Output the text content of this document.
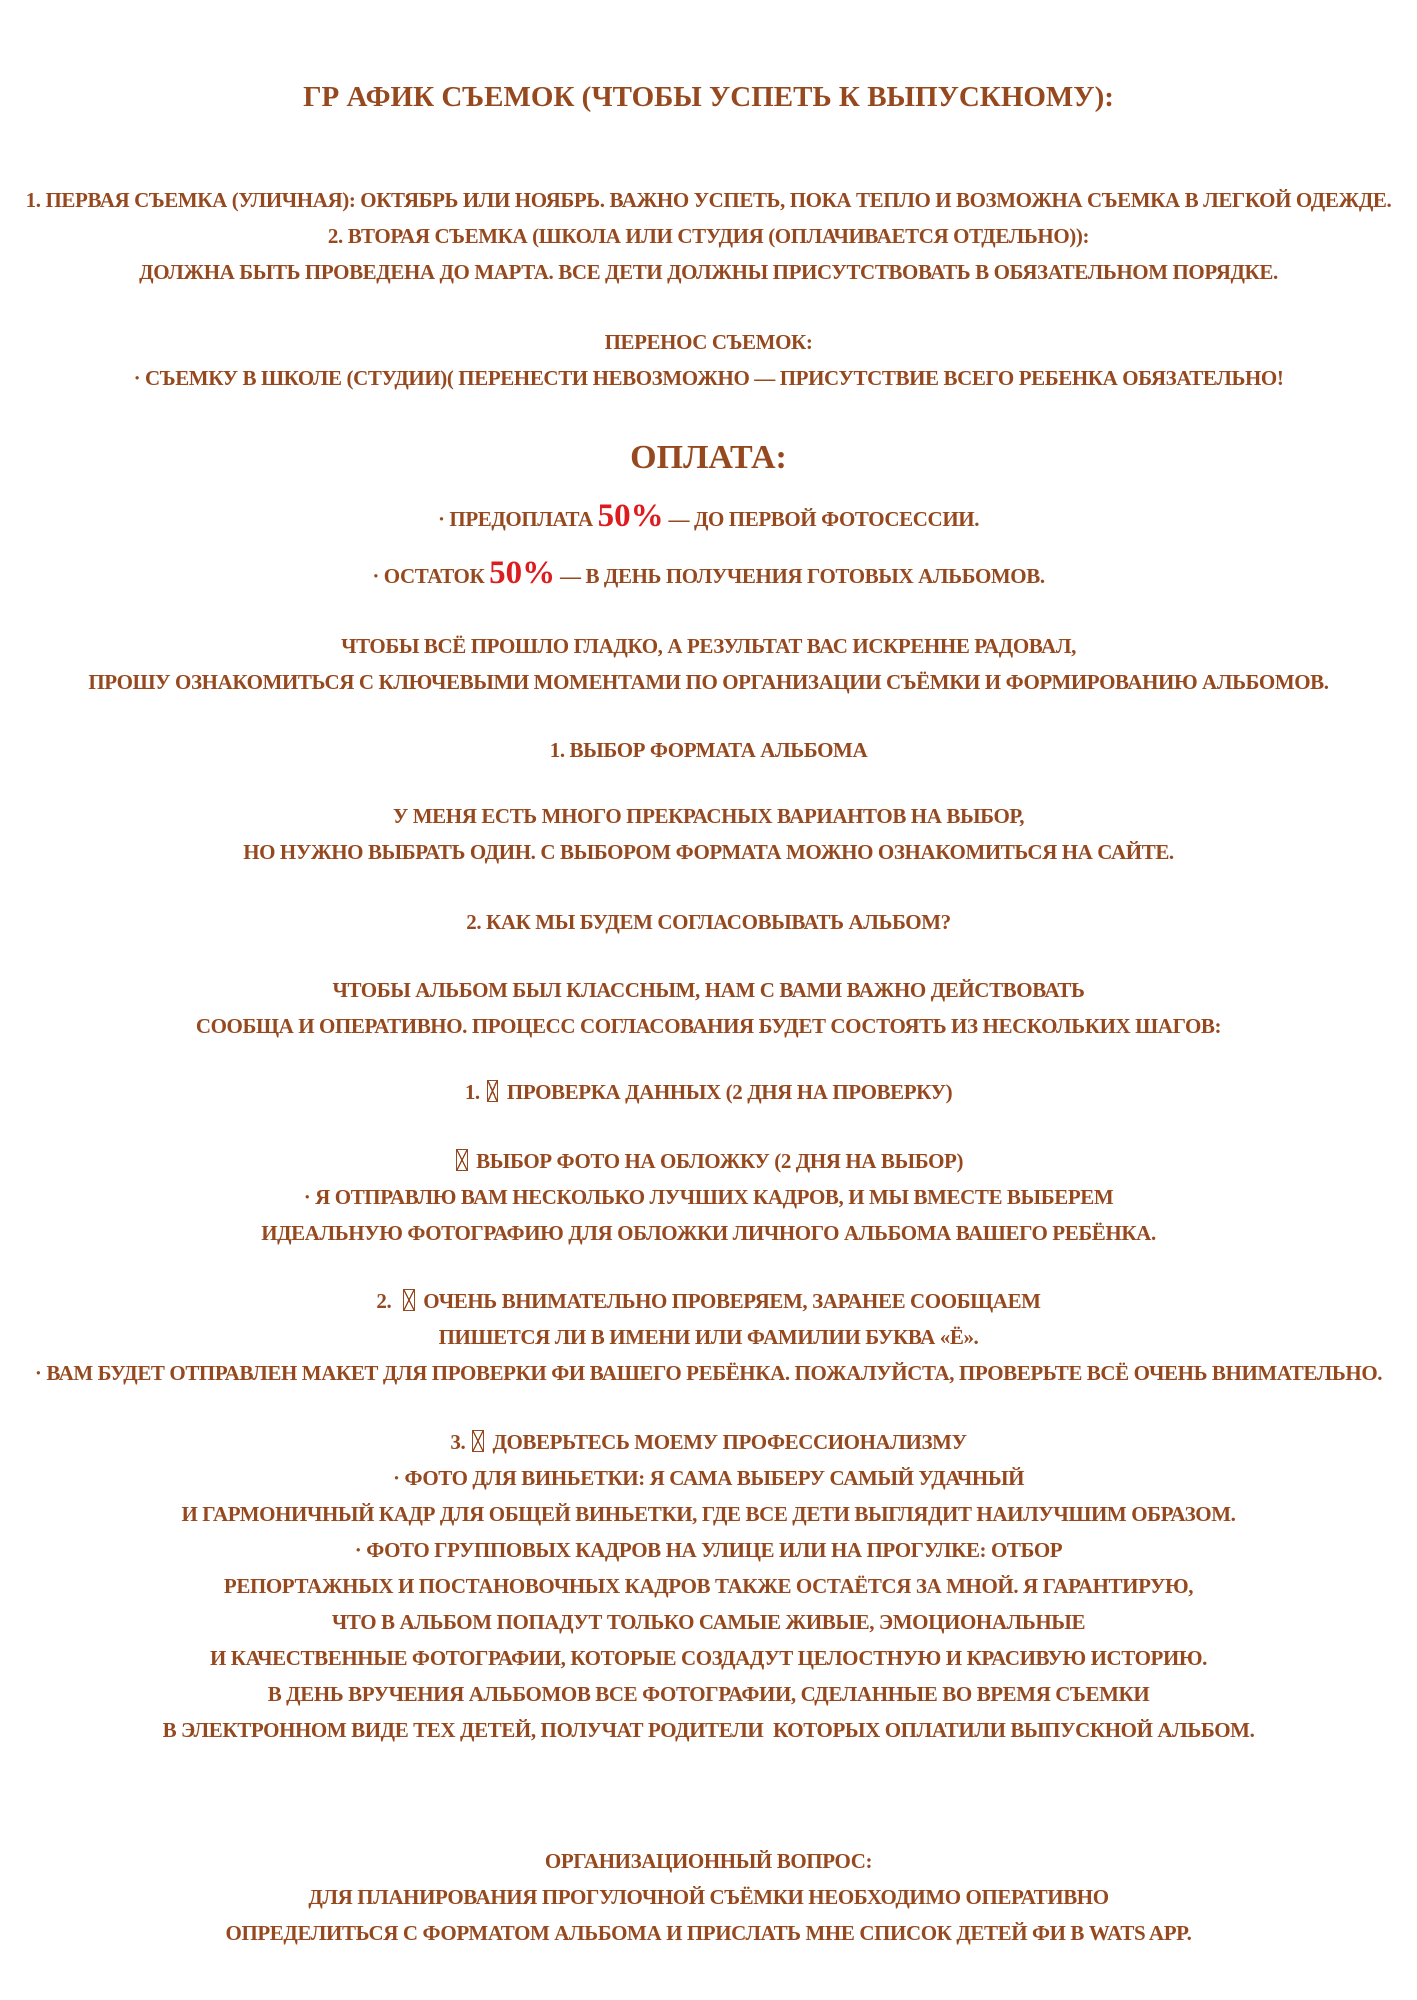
ГР АФИК СЪЕМОК (ЧТОБЫ УСПЕТЬ К ВЫПУСКНОМУ):
1. ПЕРВАЯ СЪЕМКА (УЛИЧНАЯ): ОКТЯБРЬ ИЛИ НОЯБРЬ. ВАЖНО УСПЕТЬ, ПОКА ТЕПЛО И ВОЗМОЖНА СЪЕМКА В ЛЕГКОЙ ОДЕЖДЕ.
2. ВТОРАЯ СЪЕМКА (ШКОЛА ИЛИ СТУДИЯ (ОПЛАЧИВАЕТСЯ ОТДЕЛЬНО)):
ДОЛЖНА БЫТЬ ПРОВЕДЕНА ДО МАРТА. ВСЕ ДЕТИ ДОЛЖНЫ ПРИСУТСТВОВАТЬ В ОБЯЗАТЕЛЬНОМ ПОРЯДКЕ.
ПЕРЕНОС СЪЕМОК:
· СЪЕМКУ В ШКОЛЕ (СТУДИИ)( ПЕРЕНЕСТИ НЕВОЗМОЖНО — ПРИСУТСТВИЕ ВСЕГО РЕБЕНКА ОБЯЗАТЕЛЬНО!
ОПЛАТА:
· ПРЕДОПЛАТА 50% — ДО ПЕРВОЙ ФОТОСЕССИИ.
· ОСТАТОК 50% — В ДЕНЬ ПОЛУЧЕНИЯ ГОТОВЫХ АЛЬБОМОВ.
ЧТОБЫ ВСЁ ПРОШЛО ГЛАДКО, А РЕЗУЛЬТАТ ВАС ИСКРЕННЕ РАДОВАЛ,
ПРОШУ ОЗНАКОМИТЬСЯ С КЛЮЧЕВЫМИ МОМЕНТАМИ ПО ОРГАНИЗАЦИИ СЪЁМКИ И ФОРМИРОВАНИЮ АЛЬБОМОВ.
1. ВЫБОР ФОРМАТА АЛЬБОМА
У МЕНЯ ЕСТЬ МНОГО ПРЕКРАСНЫХ ВАРИАНТОВ НА ВЫБОР,
НО НУЖНО ВЫБРАТЬ ОДИН. С ВЫБОРОМ ФОРМАТА МОЖНО ОЗНАКОМИТЬСЯ НА САЙТЕ.
2. КАК МЫ БУДЕМ СОГЛАСОВЫВАТЬ АЛЬБОМ?
ЧТОБЫ АЛЬБОМ БЫЛ КЛАССНЫМ, НАМ С ВАМИ ВАЖНО ДЕЙСТВОВАТЬ
СООБЩА И ОПЕРАТИВНО. ПРОЦЕСС СОГЛАСОВАНИЯ БУДЕТ СОСТОЯТЬ ИЗ НЕСКОЛЬКИХ ШАГОВ:
1.  ПРОВЕРКА ДАННЫХ (2 ДНЯ НА ПРОВЕРКУ)
ВЫБОР ФОТО НА ОБЛОЖКУ (2 ДНЯ НА ВЫБОР)
· Я ОТПРАВЛЮ ВАМ НЕСКОЛЬКО ЛУЧШИХ КАДРОВ, И МЫ ВМЕСТЕ ВЫБЕРЕМ
ИДЕАЛЬНУЮ ФОТОГРАФИЮ ДЛЯ ОБЛОЖКИ ЛИЧНОГО АЛЬБОМА ВАШЕГО РЕБЁНКА.
2.   ОЧЕНЬ ВНИМАТЕЛЬНО ПРОВЕРЯЕМ, ЗАРАНЕЕ СООБЩАЕМ
ПИШЕТСЯ ЛИ В ИМЕНИ ИЛИ ФАМИЛИИ БУКВА «Ё».
· ВАМ БУДЕТ ОТПРАВЛЕН МАКЕТ ДЛЯ ПРОВЕРКИ ФИ ВАШЕГО РЕБЁНКА. ПОЖАЛУЙСТА, ПРОВЕРЬТЕ ВСЁ ОЧЕНЬ ВНИМАТЕЛЬНО.
3.  ДОВЕРЬТЕСЬ МОЕМУ ПРОФЕССИОНАЛИЗМУ
· ФОТО ДЛЯ ВИНЬЕТКИ: Я САМА ВЫБЕРУ САМЫЙ УДАЧНЫЙ
И ГАРМОНИЧНЫЙ КАДР ДЛЯ ОБЩЕЙ ВИНЬЕТКИ, ГДЕ ВСЕ ДЕТИ ВЫГЛЯДИТ НАИЛУЧШИМ ОБРАЗОМ.
· ФОТО ГРУППОВЫХ КАДРОВ НА УЛИЦЕ ИЛИ НА ПРОГУЛКЕ: ОТБОР
РЕПОРТАЖНЫХ И ПОСТАНОВОЧНЫХ КАДРОВ ТАКЖЕ ОСТАЁТСЯ ЗА МНОЙ. Я ГАРАНТИРУЮ,
ЧТО В АЛЬБОМ ПОПАДУТ ТОЛЬКО САМЫЕ ЖИВЫЕ, ЭМОЦИОНАЛЬНЫЕ
И КАЧЕСТВЕННЫЕ ФОТОГРАФИИ, КОТОРЫЕ СОЗДАДУТ ЦЕЛОСТНУЮ И КРАСИВУЮ ИСТОРИЮ.
В ДЕНЬ ВРУЧЕНИЯ АЛЬБОМОВ ВСЕ ФОТОГРАФИИ, СДЕЛАННЫЕ ВО ВРЕМЯ СЪЕМКИ
В ЭЛЕКТРОННОМ ВИДЕ ТЕХ ДЕТЕЙ, ПОЛУЧАТ РОДИТЕЛИ  КОТОРЫХ ОПЛАТИЛИ ВЫПУСКНОЙ АЛЬБОМ.
ОРГАНИЗАЦИОННЫЙ ВОПРОС:
ДЛЯ ПЛАНИРОВАНИЯ ПРОГУЛОЧНОЙ СЪЁМКИ НЕОБХОДИМО ОПЕРАТИВНО
ОПРЕДЕЛИТЬСЯ С ФОРМАТОМ АЛЬБОМА И ПРИСЛАТЬ МНЕ СПИСОК ДЕТЕЙ ФИ В WATS APP.
